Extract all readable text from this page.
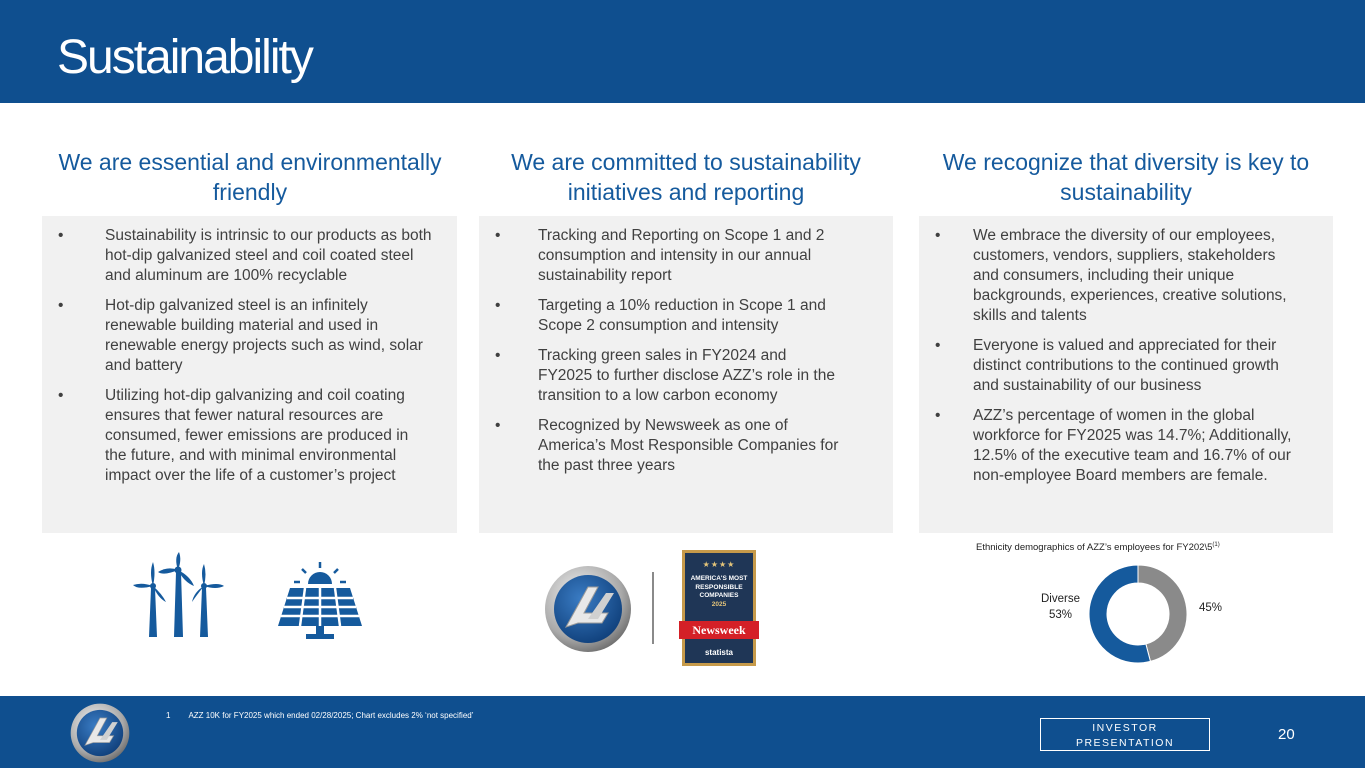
Sustainability
We are essential and environmentally friendly
We are committed to sustainability initiatives and reporting
We recognize that diversity is key to sustainability
•	Sustainability is intrinsic to our products as both hot-dip galvanized steel and coil coated steel and aluminum are 100% recyclable
•	Hot-dip galvanized steel is an infinitely renewable building material and used in renewable energy projects such as wind, solar and battery
•	Utilizing hot-dip galvanizing and coil coating ensures that fewer natural resources are consumed, fewer emissions are produced in the future, and with minimal environmental impact over the life of a customer’s project
• Tracking and Reporting on Scope 1 and 2 consumption and intensity in our annual sustainability report
• Targeting a 10% reduction in Scope 1 and Scope 2 consumption and intensity
• Tracking green sales in FY2024 and FY2025 to further disclose AZZ’s role in the transition to a low carbon economy
• Recognized by Newsweek as one of America’s Most Responsible Companies for the past three years
• We embrace the diversity of our employees, customers, vendors, suppliers, stakeholders and consumers, including their unique backgrounds, experiences, creative solutions, skills and talents
• Everyone is valued and appreciated for their distinct contributions to the continued growth and sustainability of our business
• AZZ’s percentage of women in the global workforce for FY2025 was 14.7%; Additionally, 12.5% of the executive team and 16.7% of our non-employee Board members are female.
★★★★
AMERICA'S MOST
RESPONSIBLE
COMPANIES
2025
Newsweek
statista
Ethnicity demographics of AZZ’s employees for FY202\5$^{(1)}$
Diverse
53%
45%
1 AZZ 10K for FY2025 which ended 02/28/2025; Chart excludes 2% ‘not specified’
INVESTOR
PRESENTATION	20
